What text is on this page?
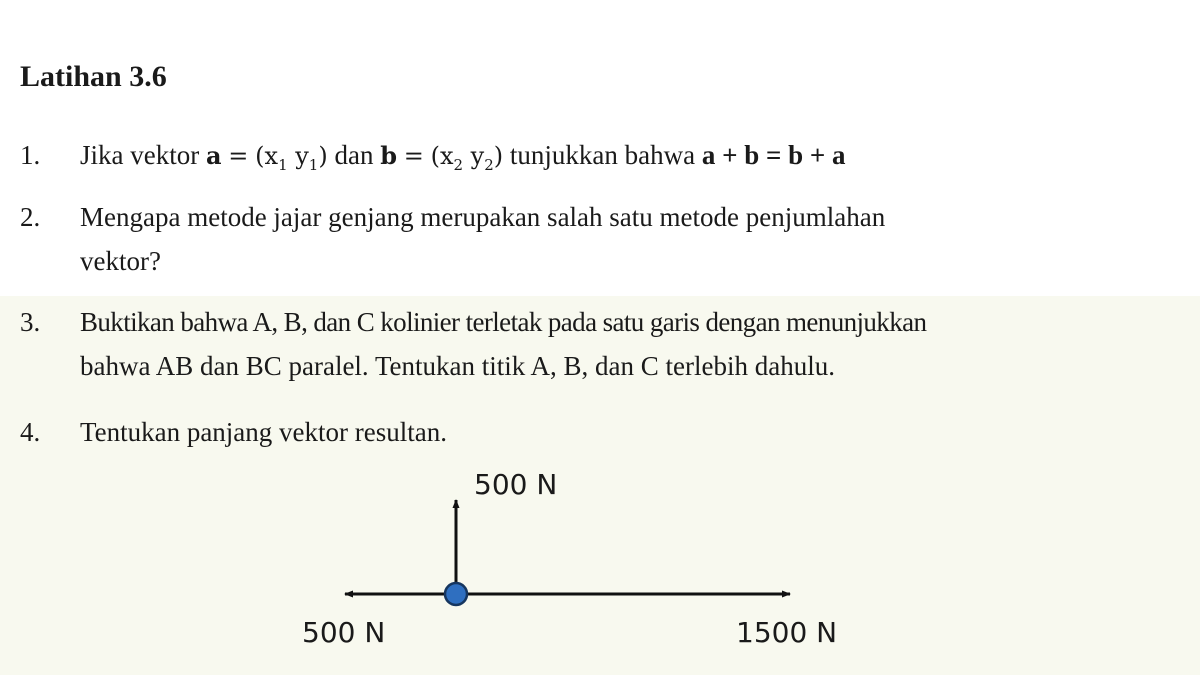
Latihan 3.6
1.	Jika vektor $a = (x_1$ $y_1$) dan $b = (x_2$ $y_2$) tunjukkan bahwa a + b = b + a
2.	Mengapa metode jajar genjang merupakan salah satu metode penjumlahan
vektor?
3.	Buktikan bahwa A, B, dan C kolinier terletak pada satu garis dengan menunjukkan
bahwa AB dan BC paralel. Tentukan titik A, B, dan C terlebih dahulu.
4.	Tentukan panjang vektor resultan.
500 N
500 N	1500 N
